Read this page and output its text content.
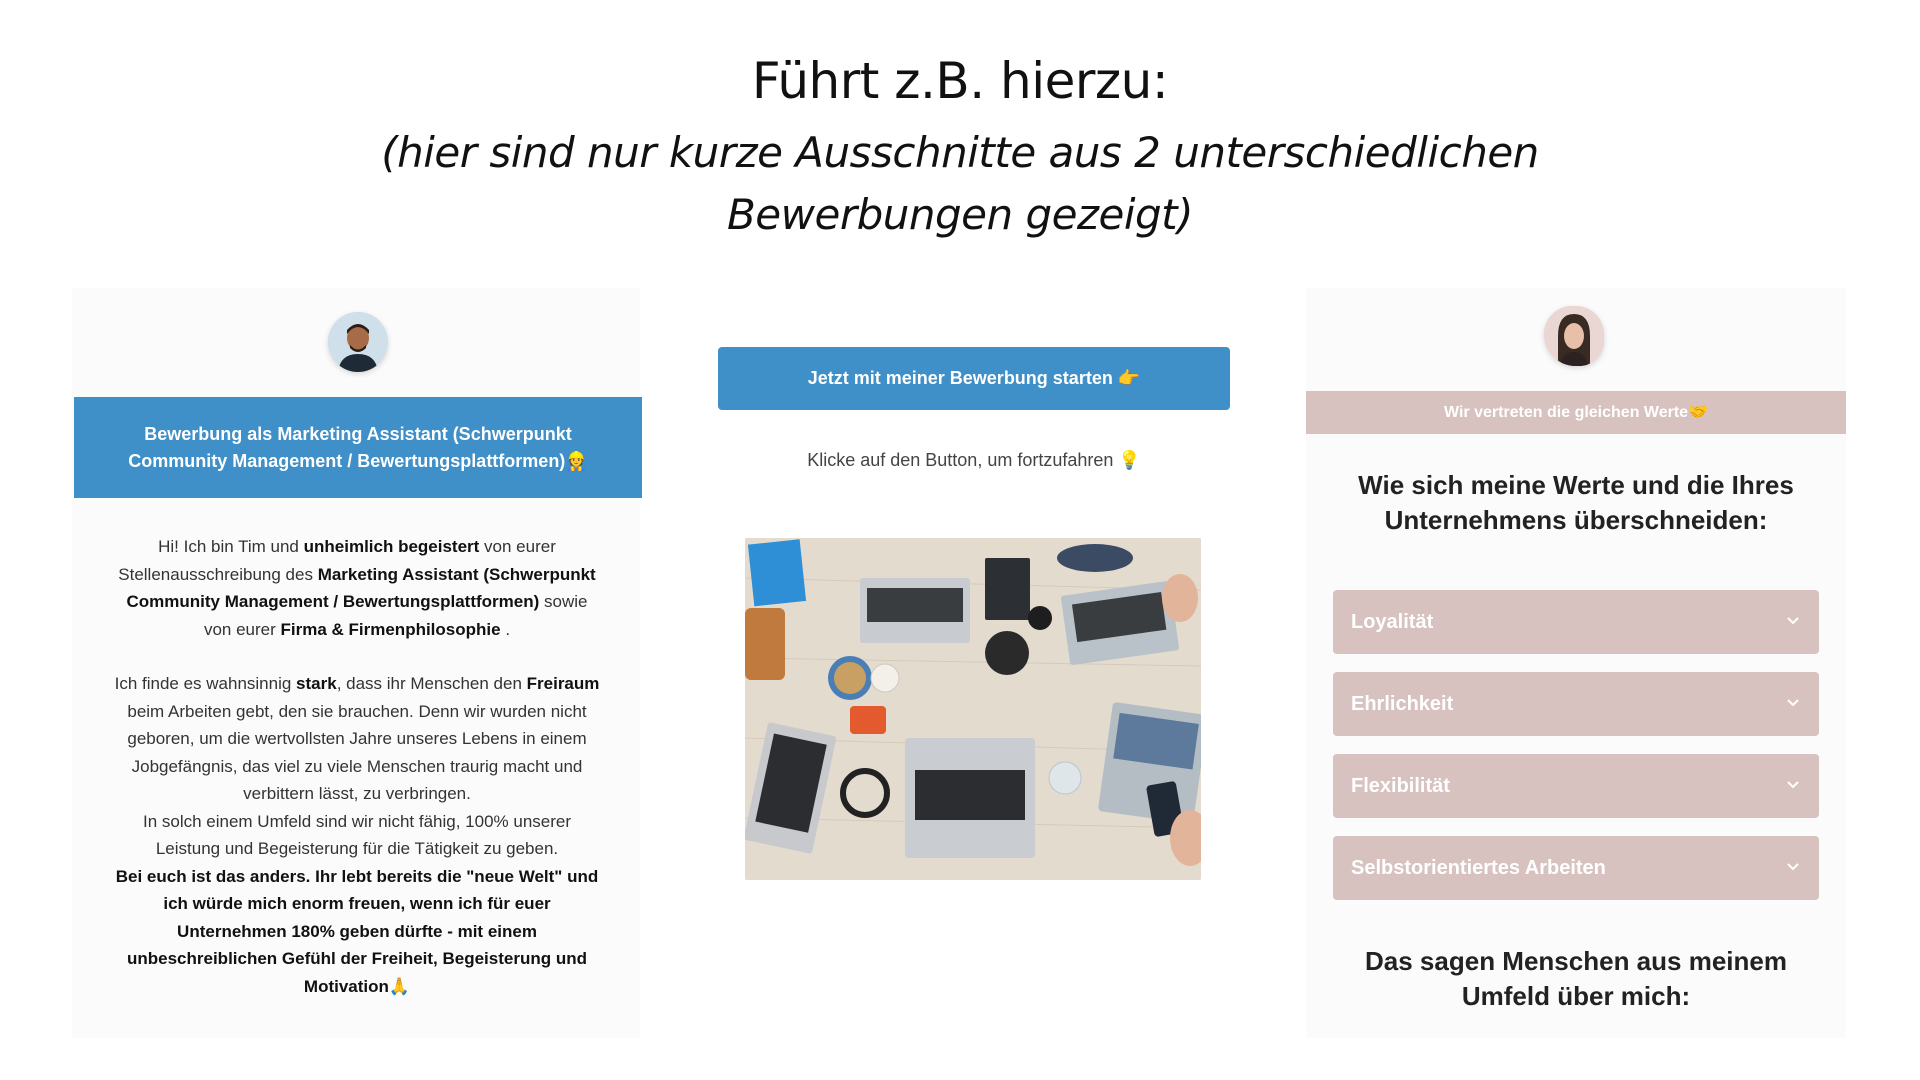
Führt z.B. hierzu:

(hier sind nur kurze Ausschnitte aus 2 unterschiedlichen Bewerbungen gezeigt)

Bewerbung als Marketing Assistant (Schwerpunkt Community Management / Bewertungsplattformen)👷

Hi! Ich bin Tim und unheimlich begeistert von eurer Stellenausschreibung des Marketing Assistant (Schwerpunkt Community Management / Bewertungsplattformen) sowie von eurer Firma & Firmenphilosophie .

Ich finde es wahnsinnig stark, dass ihr Menschen den Freiraum beim Arbeiten gebt, den sie brauchen. Denn wir wurden nicht geboren, um die wertvollsten Jahre unseres Lebens in einem Jobgefängnis, das viel zu viele Menschen traurig macht und verbittern lässt, zu verbringen.
In solch einem Umfeld sind wir nicht fähig, 100% unserer Leistung und Begeisterung für die Tätigkeit zu geben.
Bei euch ist das anders. Ihr lebt bereits die "neue Welt" und ich würde mich enorm freuen, wenn ich für euer Unternehmen 180% geben dürfte - mit einem unbeschreiblichen Gefühl der Freiheit, Begeisterung und Motivation🙏

Jetzt mit meiner Bewerbung starten 👉
Klicke auf den Button, um fortzufahren 💡
Wir vertreten die gleichen Werte🤝
Wie sich meine Werte und die Ihres Unternehmens überschneiden:
Loyalität
Ehrlichkeit
Flexibilität
Selbstorientiertes Arbeiten
Das sagen Menschen aus meinem Umfeld über mich:
